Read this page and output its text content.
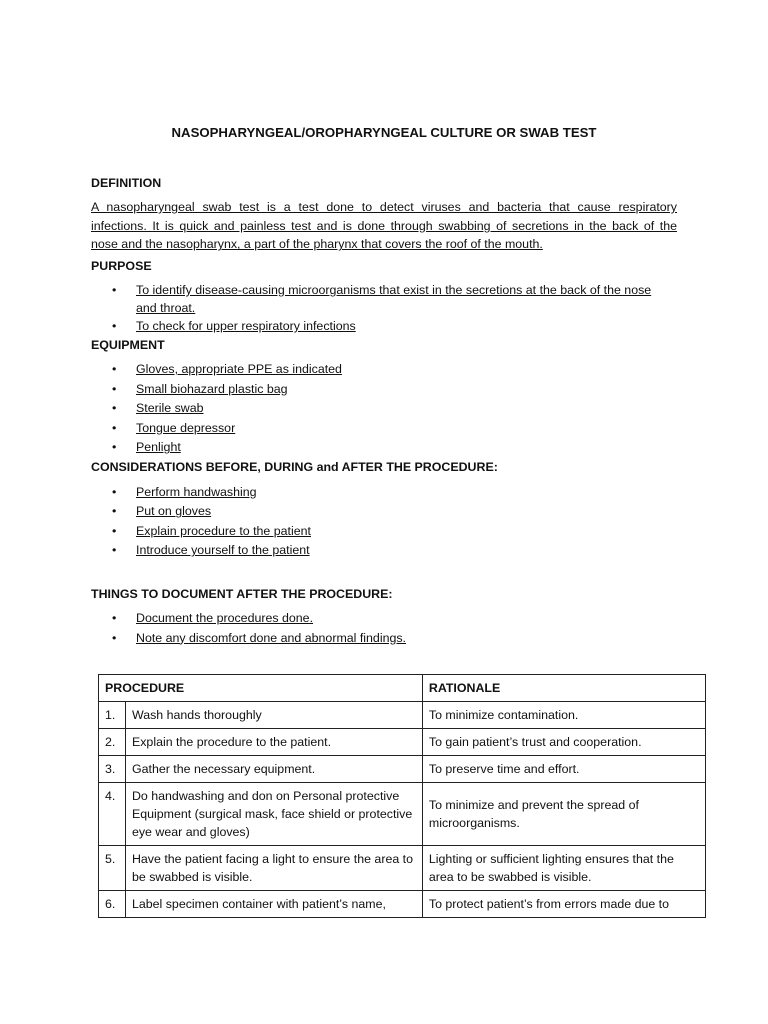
NASOPHARYNGEAL/OROPHARYNGEAL CULTURE OR SWAB TEST
DEFINITION
A nasopharyngeal swab test is a test done to detect viruses and bacteria that cause respiratory
infections. It is quick and painless test and is done through swabbing of secretions in the back of the
nose and the nasopharynx, a part of the pharynx that covers the roof of the mouth.
PURPOSE
• To identify disease-causing microorganisms that exist in the secretions at the back of the nose and throat.
• To check for upper respiratory infections
EQUIPMENT
• Gloves, appropriate PPE as indicated
• Small biohazard plastic bag
• Sterile swab
• Tongue depressor
• Penlight
CONSIDERATIONS BEFORE, DURING and AFTER THE PROCEDURE:
• Perform handwashing
• Put on gloves
• Explain procedure to the patient
• Introduce yourself to the patient
THINGS TO DOCUMENT AFTER THE PROCEDURE:
• Document the procedures done.
• Note any discomfort done and abnormal findings.
PROCEDURE		RATIONALE
1.	Wash hands thoroughly	To minimize contamination.
2.	Explain the procedure to the patient.	To gain patient’s trust and cooperation.
3.	Gather the necessary equipment.	To preserve time and effort.
4.	Do handwashing and don on Personal protective Equipment (surgical mask, face shield or protective eye wear and gloves)	To minimize and prevent the spread of microorganisms.
5.	Have the patient facing a light to ensure the area to be swabbed is visible.	Lighting or sufficient lighting ensures that the area to be swabbed is visible.
6.	Label specimen container with patient’s name,	To protect patient’s from errors made due to
